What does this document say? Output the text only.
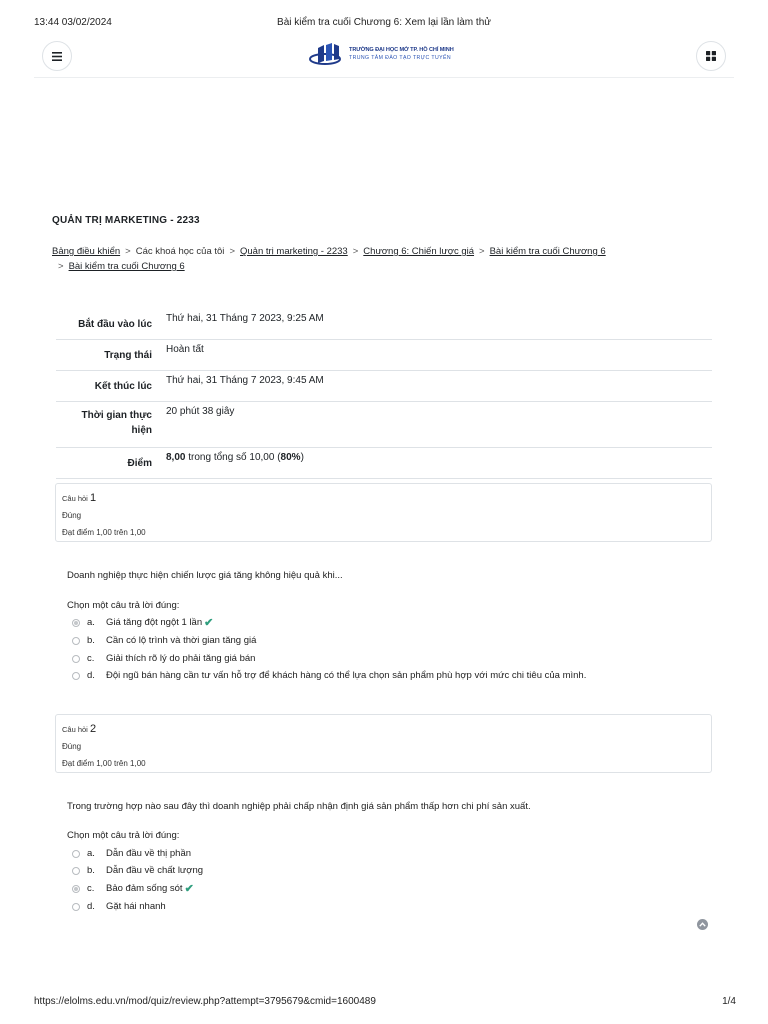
13:44 03/02/2024	Bài kiểm tra cuối Chương 6: Xem lại lần làm thử
TRƯỜNG ĐẠI HỌC MỞ TP. HỒ CHÍ MINH
TRUNG TÂM ĐÀO TẠO TRỰC TUYẾN
QUẢN TRỊ MARKETING - 2233
Bảng điều khiển > Các khoá học của tôi > Quản trị marketing - 2233 > Chương 6: Chiến lược giá > Bài kiểm tra cuối Chương 6
> Bài kiểm tra cuối Chương 6
Bắt đầu vào lúc	Thứ hai, 31 Tháng 7 2023, 9:25 AM
Trạng thái	Hoàn tất
Kết thúc lúc	Thứ hai, 31 Tháng 7 2023, 9:45 AM
Thời gian thực
hiện	20 phút 38 giây
Điểm	8,00 trong tổng số 10,00 (80%)
Câu hỏi 1
Đúng
Đạt điểm 1,00 trên 1,00
Doanh nghiệp thực hiện chiến lược giá tăng không hiệu quả khi...
Chọn một câu trả lời đúng:
a.	Giá tăng đột ngột 1 lần ✔
b.	Cần có lộ trình và thời gian tăng giá
c.	Giải thích rõ lý do phải tăng giá bán
d.	Đội ngũ bán hàng cần tư vấn hỗ trợ để khách hàng có thể lựa chọn sản phẩm phù hợp với mức chi tiêu của mình.
Câu hỏi 2
Đúng
Đạt điểm 1,00 trên 1,00
Trong trường hợp nào sau đây thì doanh nghiệp phải chấp nhận định giá sản phẩm thấp hơn chi phí sản xuất.
Chọn một câu trả lời đúng:
a.	Dẫn đầu về thị phần
b.	Dẫn đầu về chất lượng
c.	Bảo đảm sống sót ✔
d.	Gặt hái nhanh
https://elolms.edu.vn/mod/quiz/review.php?attempt=3795679&cmid=1600489	1/4
